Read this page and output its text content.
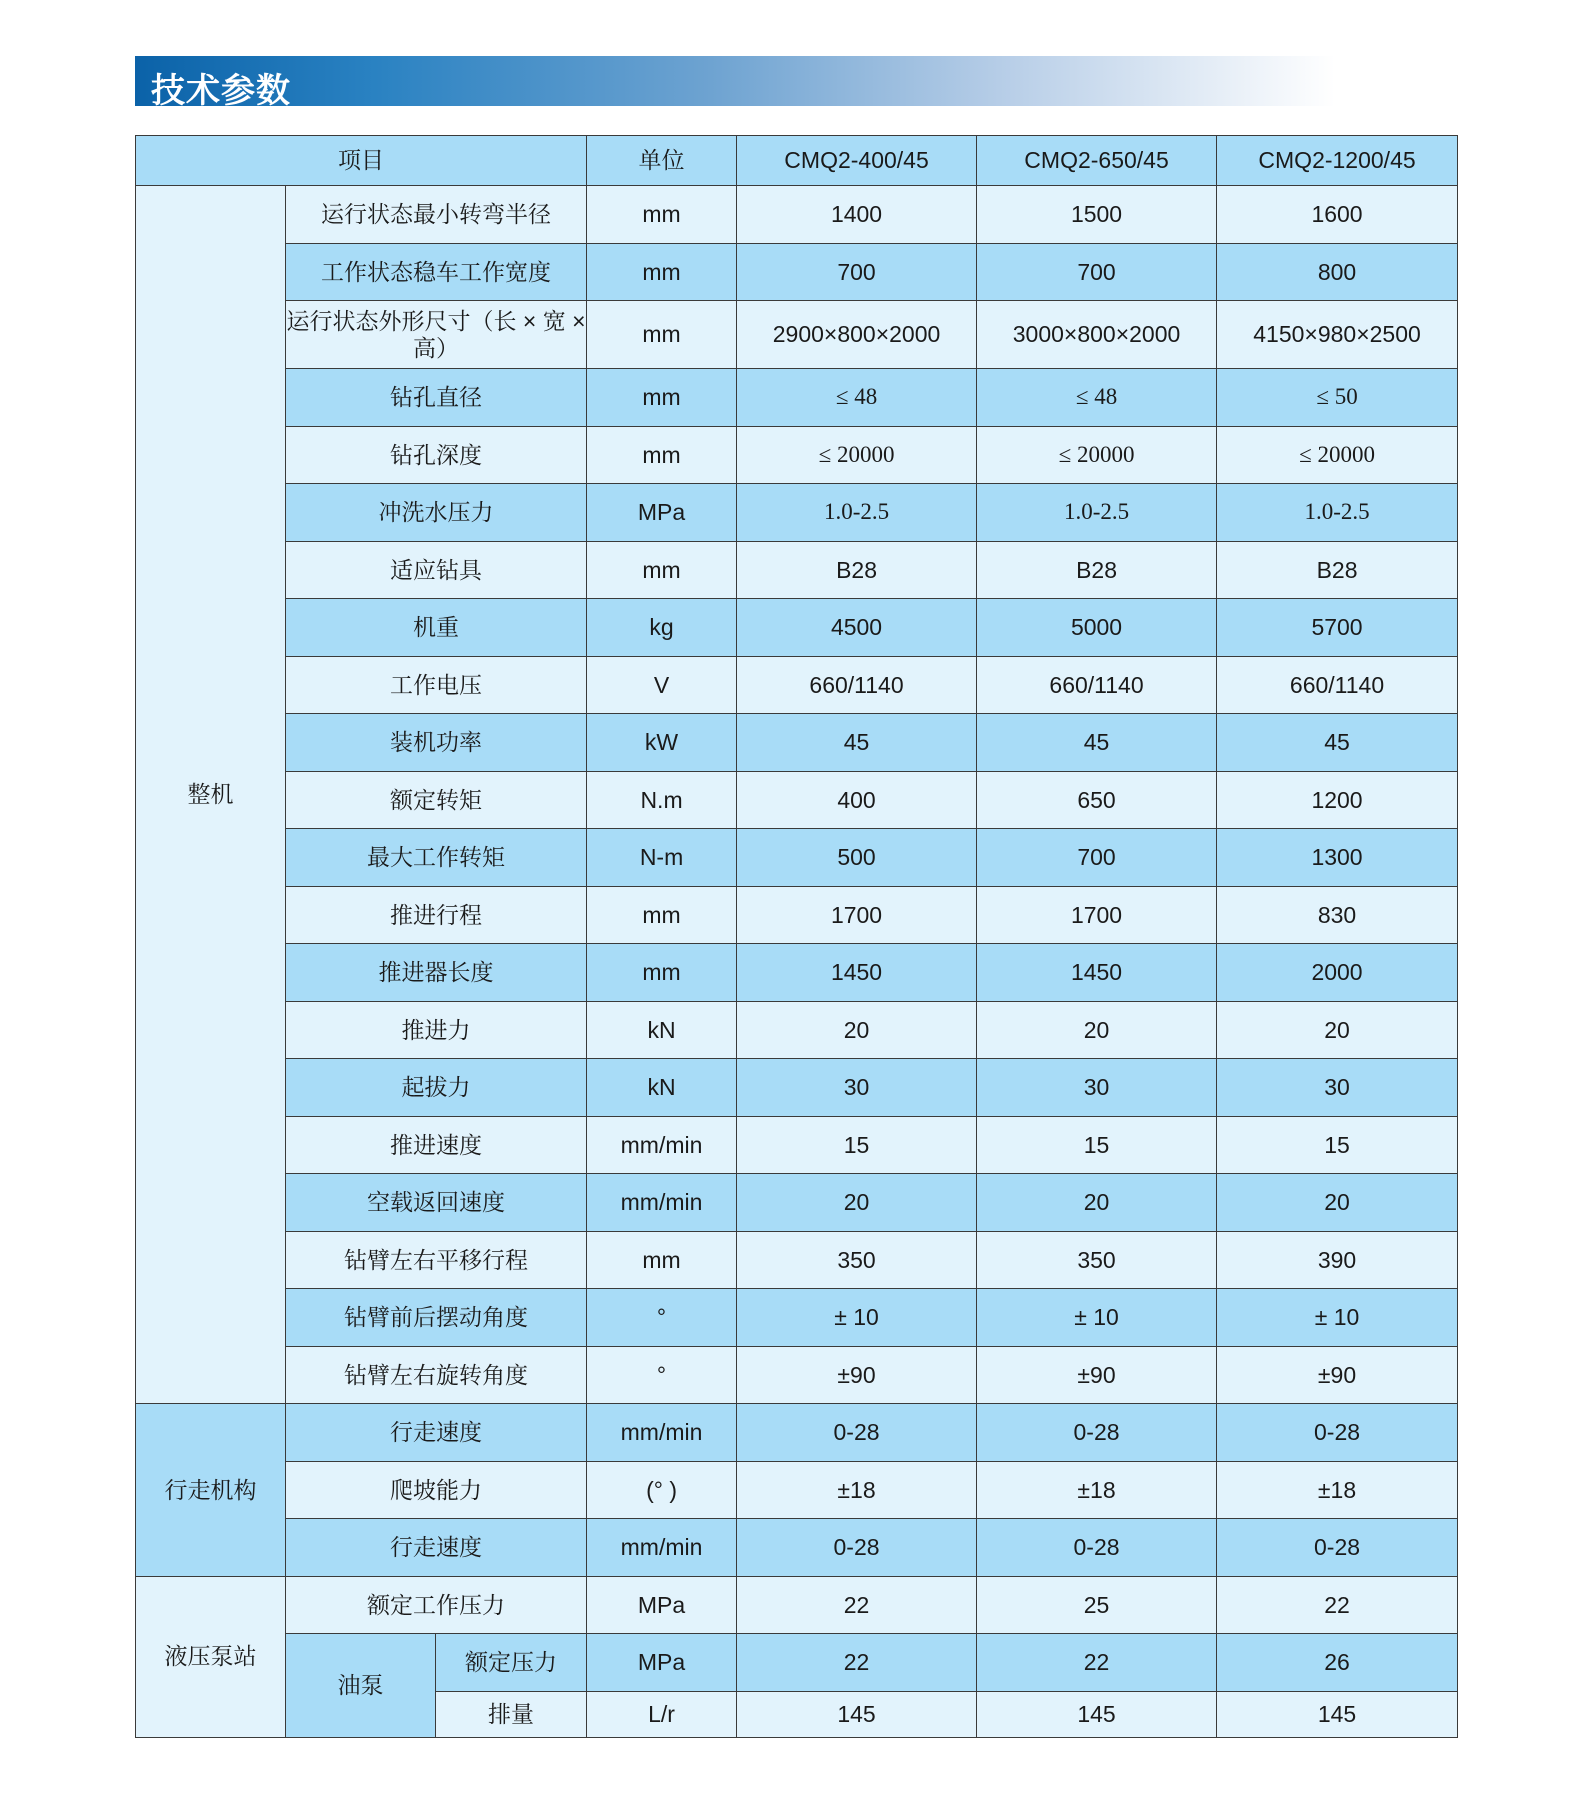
技术参数
项目			单位	CMQ2-400/45	CMQ2-650/45	CMQ2-1200/45
整机	运行状态最小转弯半径		mm	1400	1500	1600
	工作状态稳车工作宽度		mm	700	700	800
	运行状态外形尺寸（长 × 宽 × 高）		mm	2900×800×2000	3000×800×2000	4150×980×2500
	钻孔直径		mm	≤ 48	≤ 48	≤ 50
	钻孔深度		mm	≤ 20000	≤ 20000	≤ 20000
	冲洗水压力		MPa	1.0-2.5	1.0-2.5	1.0-2.5
	适应钻具		mm	B28	B28	B28
	机重		kg	4500	5000	5700
	工作电压		V	660/1140	660/1140	660/1140
	装机功率		kW	45	45	45
	额定转矩		N.m	400	650	1200
	最大工作转矩		N-m	500	700	1300
	推进行程		mm	1700	1700	830
	推进器长度		mm	1450	1450	2000
	推进力		kN	20	20	20
	起拔力		kN	30	30	30
	推进速度		mm/min	15	15	15
	空载返回速度		mm/min	20	20	20
	钻臂左右平移行程		mm	350	350	390
	钻臂前后摆动角度		°	± 10	± 10	± 10
	钻臂左右旋转角度		°	±90	±90	±90
行走机构	行走速度		mm/min	0-28	0-28	0-28
	爬坡能力		(° )	±18	±18	±18
	行走速度		mm/min	0-28	0-28	0-28
液压泵站	额定工作压力		MPa	22	25	22
	油泵	额定压力	MPa	22	22	26
		排量	L/r	145	145	145
